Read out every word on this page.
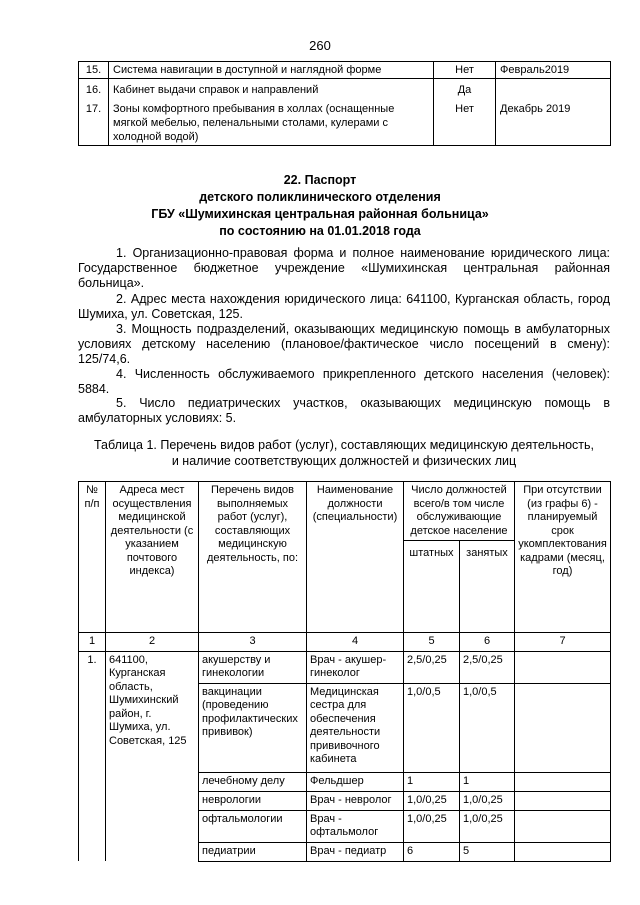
260
15.	Система навигации в доступной и наглядной форме	Нет	Февраль2019
16.	Кабинет выдачи справок и направлений	Да	
17.	Зоны комфортного пребывания в холлах (оснащенные мягкой мебелью, пеленальными столами, кулерами с холодной водой)	Нет	Декабрь 2019
22. Паспорт
детского поликлинического отделения
ГБУ «Шумихинская центральная районная больница»
по состоянию на 01.01.2018 года
1. Организационно-правовая форма и полное наименование юридического лица: Государственное бюджетное учреждение «Шумихинская центральная районная больница».
2. Адрес места нахождения юридического лица: 641100, Курганская область, город Шумиха, ул. Советская, 125.
3. Мощность подразделений, оказывающих медицинскую помощь в амбулаторных условиях детскому населению (плановое/фактическое число посещений в смену): 125/74,6.
4. Численность обслуживаемого прикрепленного детского населения (человек): 5884.
5. Число педиатрических участков, оказывающих медицинскую помощь в амбулаторных условиях: 5.
Таблица 1. Перечень видов работ (услуг), составляющих медицинскую деятельность,
и наличие соответствующих должностей и физических лиц
№ п/п	Адреса мест осуществления медицинской деятельности (с указанием почтового индекса)	Перечень видов выполняемых работ (услуг), составляющих медицинскую деятельность, по:	Наименование должности (специальности)	Число должностей всего/в том числе обслуживающие детское население		При отсутствии (из графы 6) - планируемый срок укомплектования кадрами (месяц, год)
				штатных	занятых	
1	2	3	4	5	6	7
1.	641100, Курганская область, Шумихинский район, г. Шумиха, ул. Советская, 125	акушерству и гинекологии	Врач - акушер-гинеколог	2,5/0,25	2,5/0,25	
		вакцинации (проведению профилактических прививок)	Медицинская сестра для обеспечения деятельности прививочного кабинета	1,0/0,5	1,0/0,5	
		лечебному делу	Фельдшер	1	1	
		неврологии	Врач - невролог	1,0/0,25	1,0/0,25	
		офтальмологии	Врач - офтальмолог	1,0/0,25	1,0/0,25	
		педиатрии	Врач - педиатр	6	5	
